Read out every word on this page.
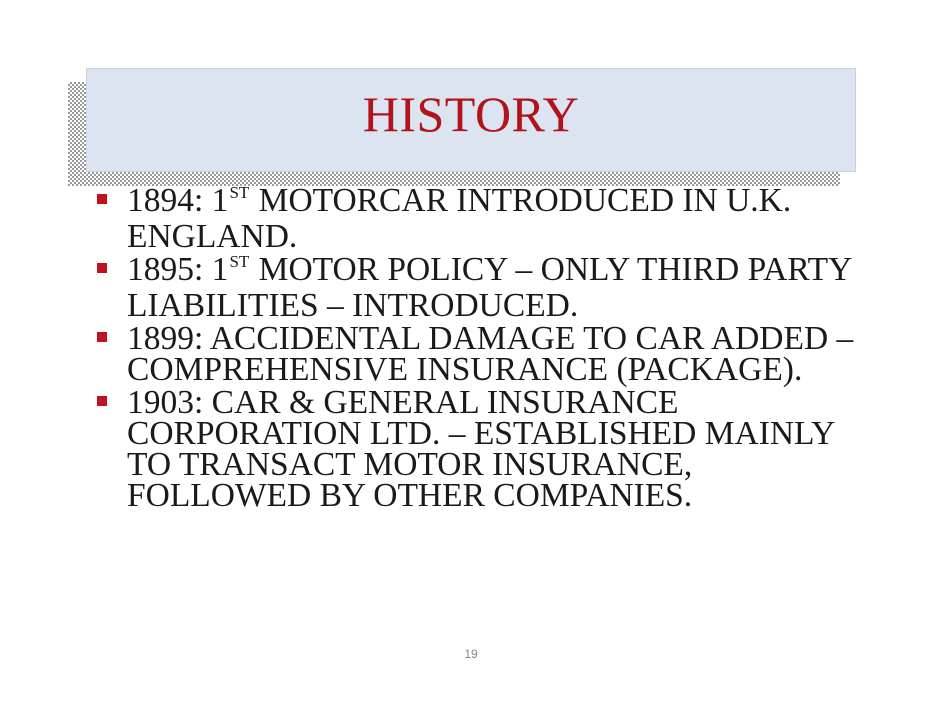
HISTORY
1894: 1ST MOTORCAR INTRODUCED IN U.K. ENGLAND.
1895: 1ST MOTOR POLICY – ONLY THIRD PARTY LIABILITIES – INTRODUCED.
1899: ACCIDENTAL DAMAGE TO CAR ADDED – COMPREHENSIVE INSURANCE (PACKAGE).
1903: CAR & GENERAL INSURANCE CORPORATION LTD. – ESTABLISHED MAINLY TO TRANSACT MOTOR INSURANCE, FOLLOWED BY OTHER COMPANIES.
19
